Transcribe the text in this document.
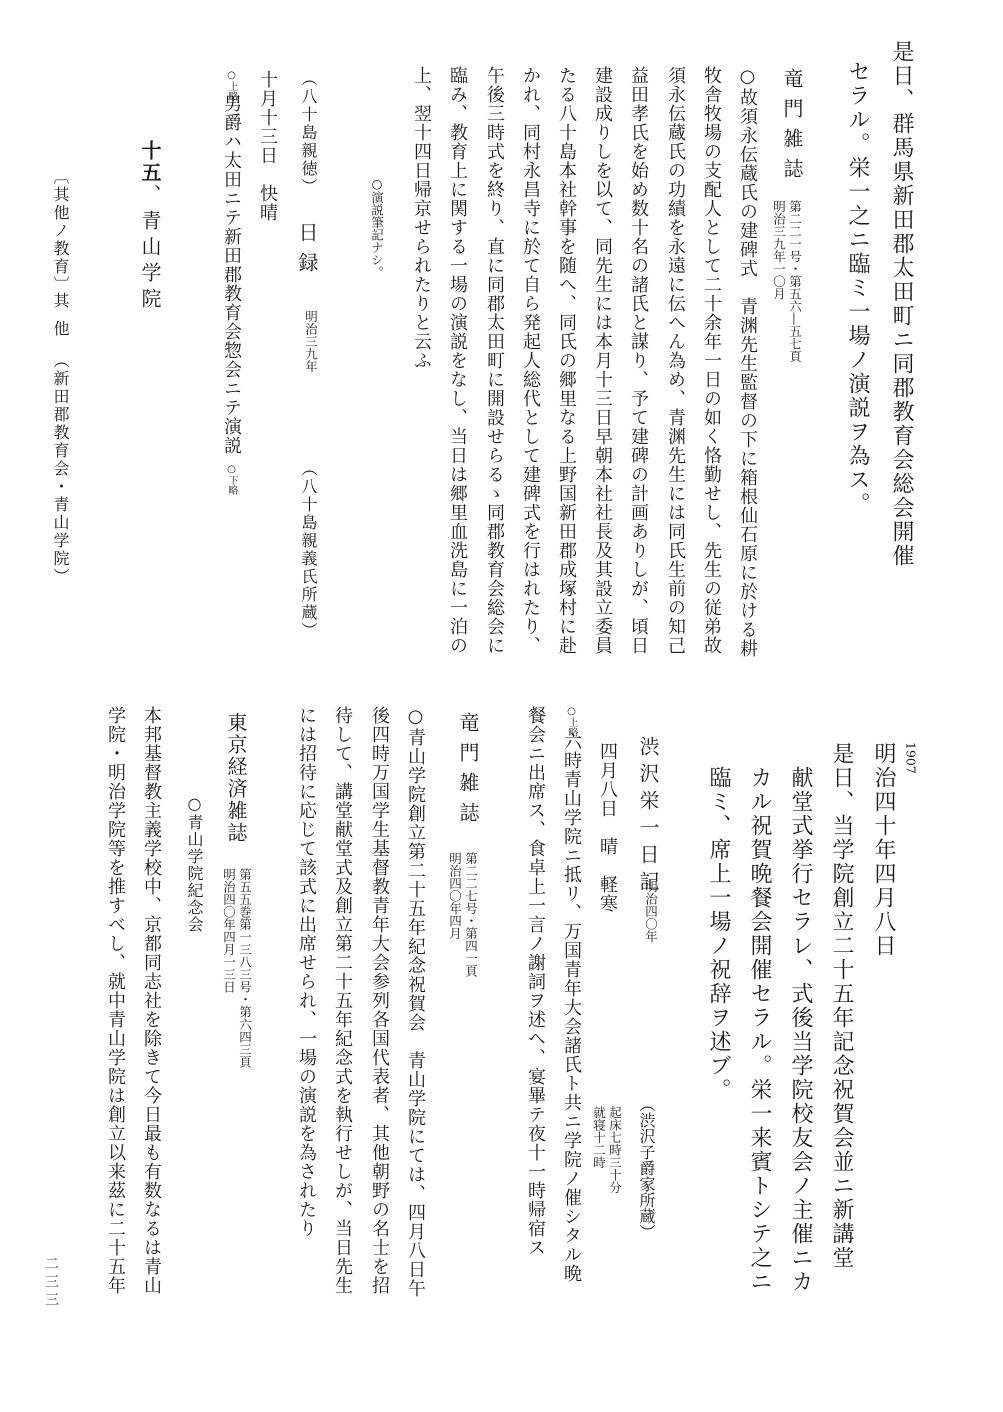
是日、群馬県新田郡太田町ニ同郡教育会総会開催
セラル。栄一之ニ臨ミ一場ノ演説ヲ為ス。
竜門雑誌
第二二一号・第五六―五七頁
明治三九年一〇月
○故須永伝蔵氏の建碑式　青渊先生監督の下に箱根仙石原に於ける耕
牧舎牧場の支配人として二十余年一日の如く恪勤せし、先生の従弟故
須永伝蔵氏の功績を永遠に伝へん為め、青渊先生には同氏生前の知己
益田孝氏を始め数十名の諸氏と謀り、予て建碑の計画ありしが、頃日
建設成りしを以て、同先生には本月十三日早朝本社社長及其設立委員
たる八十島本社幹事を随へ、同氏の郷里なる上野国新田郡成塚村に赴
かれ、同村永昌寺に於て自ら発起人総代として建碑式を行はれたり、
午後三時式を終り、直に同郡太田町に開設せらるゝ同郡教育会総会に
臨み、教育上に関する一場の演説をなし、当日は郷里血洗島に一泊の
上、翌十四日帰京せられたりと云ふ
○演説筆記ナシ。
（八十島親徳）
日録
明治三九年
（八十島親義氏所蔵）
十月十三日　快晴
○上略
男爵ハ太田ニテ新田郡教育会惣会ニテ演説
○下略
十五、青山学院
〔其他ノ教育〕
其他
（新田郡教育会・青山学院）
1907
明治四十年四月八日
是日、当学院創立二十五年記念祝賀会並ニ新講堂
献堂式挙行セラレ、式後当学院校友会ノ主催ニカ
カル祝賀晩餐会開催セラル。栄一来賓トシテ之ニ
臨ミ、席上一場ノ祝辞ヲ述ブ。
渋沢栄一日記
明治四〇年
（渋沢子爵家所蔵）
四月八日　晴　軽寒
起床七時三十分
就寝十二時
○上略
六時青山学院ニ抵リ、万国青年大会諸氏ト共ニ学院ノ催シタル晩
餐会ニ出席ス、食卓上一言ノ謝詞ヲ述ヘ、宴畢テ夜十一時帰宿ス
竜門雑誌
第二二七号・第四一頁
明治四〇年四月
○青山学院創立第二十五年紀念祝賀会　青山学院にては、四月八日午
後四時万国学生基督教青年大会参列各国代表者、其他朝野の名士を招
待して、講堂献堂式及創立第二十五年紀念式を執行せしが、当日先生
には招待に応じて該式に出席せられ、一場の演説を為されたり
東京経済雑誌
第五五巻第一三八三号・第六四三頁
明治四〇年四月一三日
○青山学院紀念会
本邦基督教主義学校中、京都同志社を除きて今日最も有数なるは青山
学院・明治学院等を推すべし、就中青山学院は創立以来茲に二十五年
二三三
